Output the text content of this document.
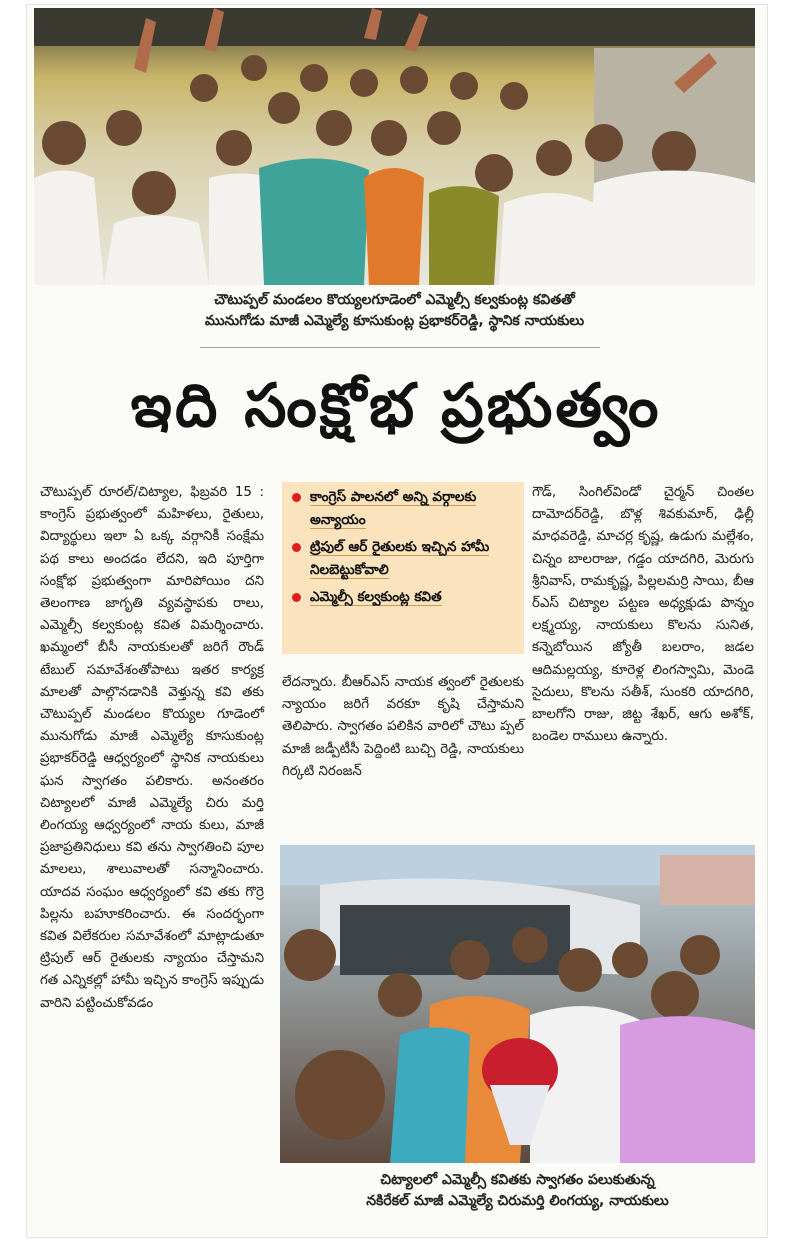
చౌటుప్పల్ మండలం కొయ్యలగూడెంలో ఎమ్మెల్సీ కల్వకుంట్ల కవితతో
మునుగోడు మాజీ ఎమ్మెల్యే కూసుకుంట్ల ప్రభాకర్‌రెడ్డి, స్థానిక నాయకులు
ఇది సంక్షోభ ప్రభుత్వం

చౌటుప్పల్ రూరల్/చిట్యాల, ఫిబ్రవరి 15 : కాంగ్రెస్ ప్రభుత్వంలో మహిళలు, రైతులు, విద్యార్థులు ఇలా ఏ ఒక్క వర్గానికీ సంక్షేమ పథ కాలు అందడం లేదని, ఇది పూర్తిగా సంక్షోభ ప్రభుత్వంగా మారిపోయిం దని తెలంగాణ జాగృతి వ్యవస్థాపకు రాలు, ఎమ్మెల్సీ కల్వకుంట్ల కవిత విమర్శించారు. ఖమ్మంలో బీసీ నాయకులతో జరిగే రౌండ్ టేబుల్ సమావేశంతోపాటు ఇతర కార్యక్ర మాలతో పాల్గొనడానికి వెళ్తున్న కవి తకు చౌటుప్పల్ మండలం కొయ్యల గూడెంలో మునుగోడు మాజీ ఎమ్మెల్యే కూసుకుంట్ల ప్రభాకర్‌రెడ్డి ఆధ్వర్యంలో స్థానిక నాయకులు ఘన స్వాగతం పలికారు. అనంతరం చిట్యాలలో మాజీ ఎమ్మెల్యే చిరు మర్తి లింగయ్య ఆధ్వర్యంలో నాయ కులు, మాజీ ప్రజాప్రతినిధులు కవి తను స్వాగతించి పూల మాలలు, శాలువాలతో సన్మానించారు. యాదవ సంఘం ఆధ్వర్యంలో కవి తకు గొర్రె పిల్లను బహూకరించారు. ఈ సందర్భంగా కవిత విలేకరుల సమావేశంలో మాట్లాడుతూ ట్రిపుల్ ఆర్ రైతులకు న్యాయం చేస్తామని గత ఎన్నికల్లో హామీ ఇచ్చిన కాంగ్రెస్ ఇప్పుడు వారిని పట్టించుకోవడం

కాంగ్రెస్ పాలనలో అన్ని వర్గాలకు అన్యాయం
ట్రిపుల్ ఆర్ రైతులకు ఇచ్చిన హామీ నిలబెట్టుకోవాలి
ఎమ్మెల్సీ కల్వకుంట్ల కవిత

లేదన్నారు. బీఆర్‌ఎస్ నాయక త్వంలో రైతులకు న్యాయం జరిగే వరకూ కృషి చేస్తామని తెలిపారు. స్వాగతం పలికిన వారిలో చౌటు ప్పల్ మాజీ జడ్పీటీసీ పెద్దింటి బుచ్చి రెడ్డి, నాయకులు గిర్కటి నిరంజన్

గౌడ్, సింగిల్‌విండో చైర్మన్ చింతల దామోదర్‌రెడ్డి, బొళ్ల శివకుమార్, ఢిల్లీ మాధవరెడ్డి, మాచర్ల కృష్ణ, ఉడుగు మల్లేశం, చిన్నం బాలరాజు, గడ్డం యాదగిరి, మెరుగు శ్రీనివాస్, రామకృష్ణ, పిల్లలమర్రి సాయి, బీఆ ర్‌ఎస్ చిట్యాల పట్టణ అధ్యక్షుడు పొన్నం లక్ష్మయ్య, నాయకులు కొలను సునిత, కన్నెబోయిన జ్యోతీ బలరాం, జడల ఆదిమల్లయ్య, కూరెళ్ల లింగస్వామి, మెండె సైదులు, కొలను సతీశ్, సుంకరి యాదగిరి, బాలగోని రాజు, జిట్ట శేఖర్, ఆగు అశోక్, బండెల రాములు ఉన్నారు.

చిట్యాలలో ఎమ్మెల్సీ కవితకు స్వాగతం పలుకుతున్న
నకిరేకల్ మాజీ ఎమ్మెల్యే చిరుమర్తి లింగయ్య, నాయకులు
